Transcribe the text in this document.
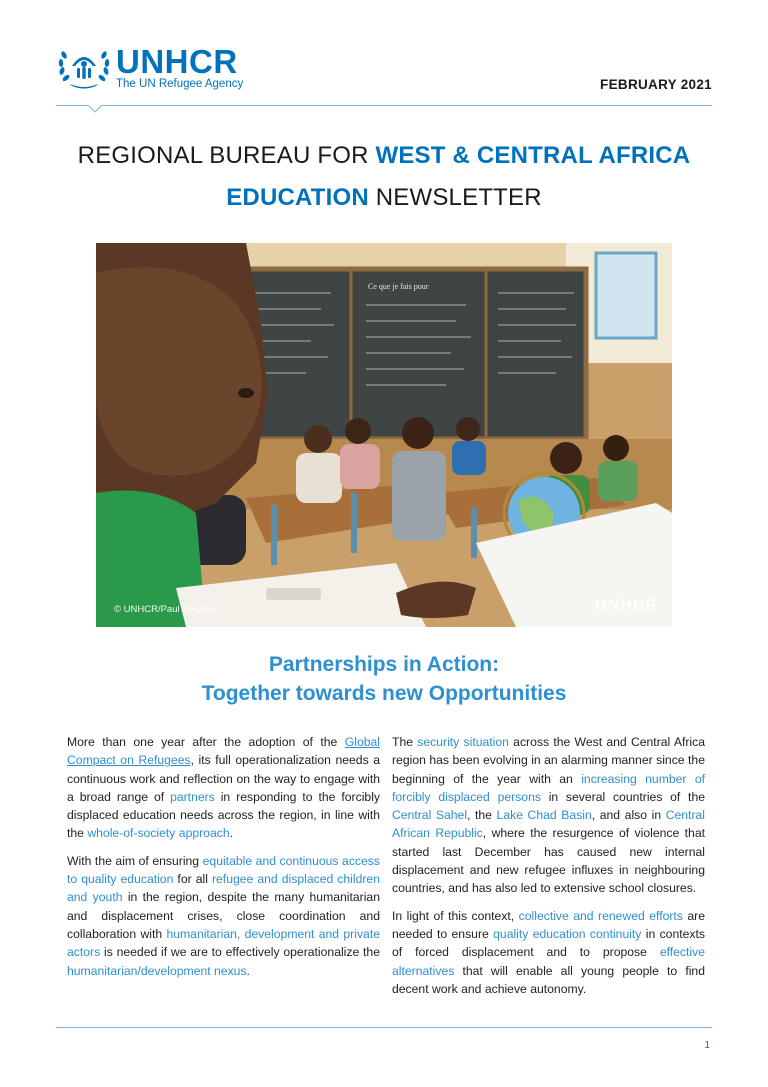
UNHCR
The UN Refugee Agency	FEBRUARY 2021
REGIONAL BUREAU FOR WEST & CENTRAL AFRICA
EDUCATION NEWSLETTER
Ce que je fais pour
© UNHCR/Paul Absalon	UNHCR
Partnerships in Action:
Together towards new Opportunities

More than one year after the adoption of the Global Compact on Refugees, its full operationalization needs a continuous work and reflection on the way to engage with a broad range of partners in responding to the forcibly displaced education needs across the region, in line with the whole-of-society approach.

With the aim of ensuring equitable and continuous access to quality education for all refugee and displaced children and youth in the region, despite the many humanitarian and displacement crises, close coordination and collaboration with humanitarian, development and private actors is needed if we are to effectively operationalize the humanitarian/development nexus.

The security situation across the West and Central Africa region has been evolving in an alarming manner since the beginning of the year with an increasing number of forcibly displaced persons in several countries of the Central Sahel, the Lake Chad Basin, and also in Central African Republic, where the resurgence of violence that started last December has caused new internal displacement and new refugee influxes in neighbouring countries, and has also led to extensive school closures.

In light of this context, collective and renewed efforts are needed to ensure quality education continuity in contexts of forced displacement and to propose effective alternatives that will enable all young people to find decent work and achieve autonomy.

1
